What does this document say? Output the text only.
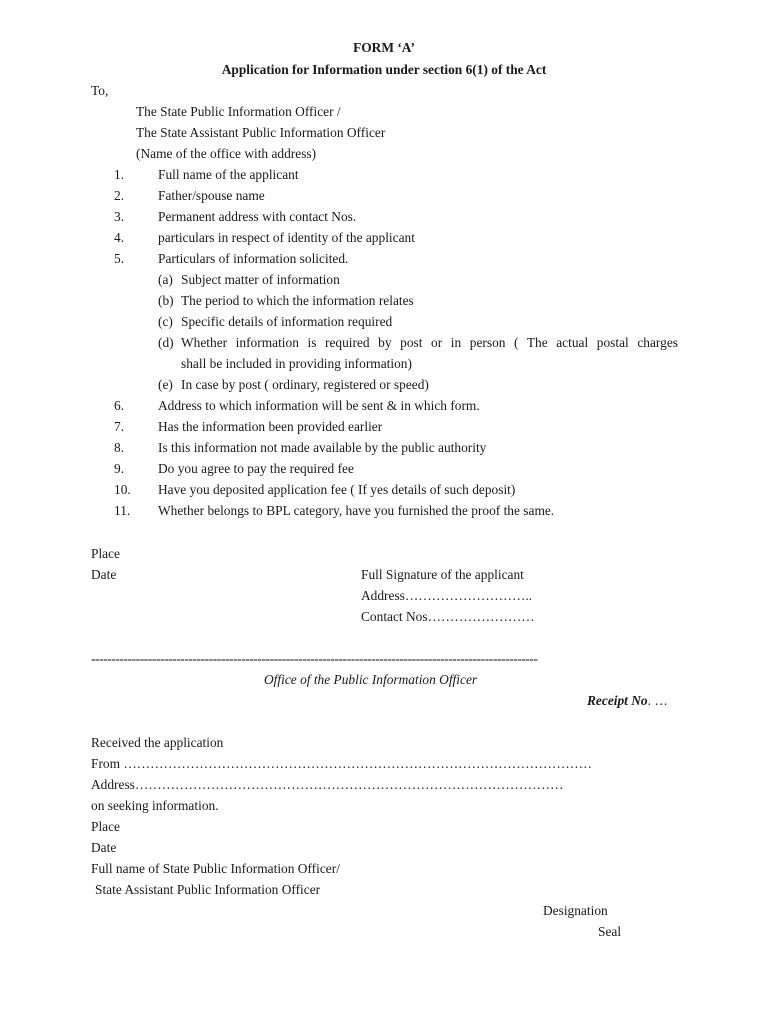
FORM ‘A’
Application for Information under section 6(1) of the Act
To,
The State Public Information Officer /
The State Assistant Public Information Officer
(Name of the office with address)
1.	Full name of the applicant
2.	Father/spouse name
3.	Permanent address with contact Nos.
4.	particulars in respect of identity of the applicant
5.	Particulars of information solicited.
(a) Subject matter of information
(b) The period to which the information relates
(c) Specific details of information required
(d) Whether information is required by post or in person ( The actual postal charges
shall be included in providing information)
(e) In case by post ( ordinary, registered or speed)
6.	Address to which information will be sent & in which form.
7.	Has the information been provided earlier
8.	Is this information not made available by the public authority
9.	Do you agree to pay the required fee
10. Have you deposited application fee ( If yes details of such deposit)
11. Whether belongs to BPL category, have you furnished the proof the same.
Place
Date	Full Signature of the applicant
Address………………………..
Contact Nos……………………
--------------------------------------------------------------------------------------------------------------
Office of the Public Information Officer
Receipt No. …
Received the application
From ……………………………………………………………………………………………
Address……………………………………………………………………………………
on seeking information.
Place
Date
Full name of State Public Information Officer/
State Assistant Public Information Officer
Designation
Seal
